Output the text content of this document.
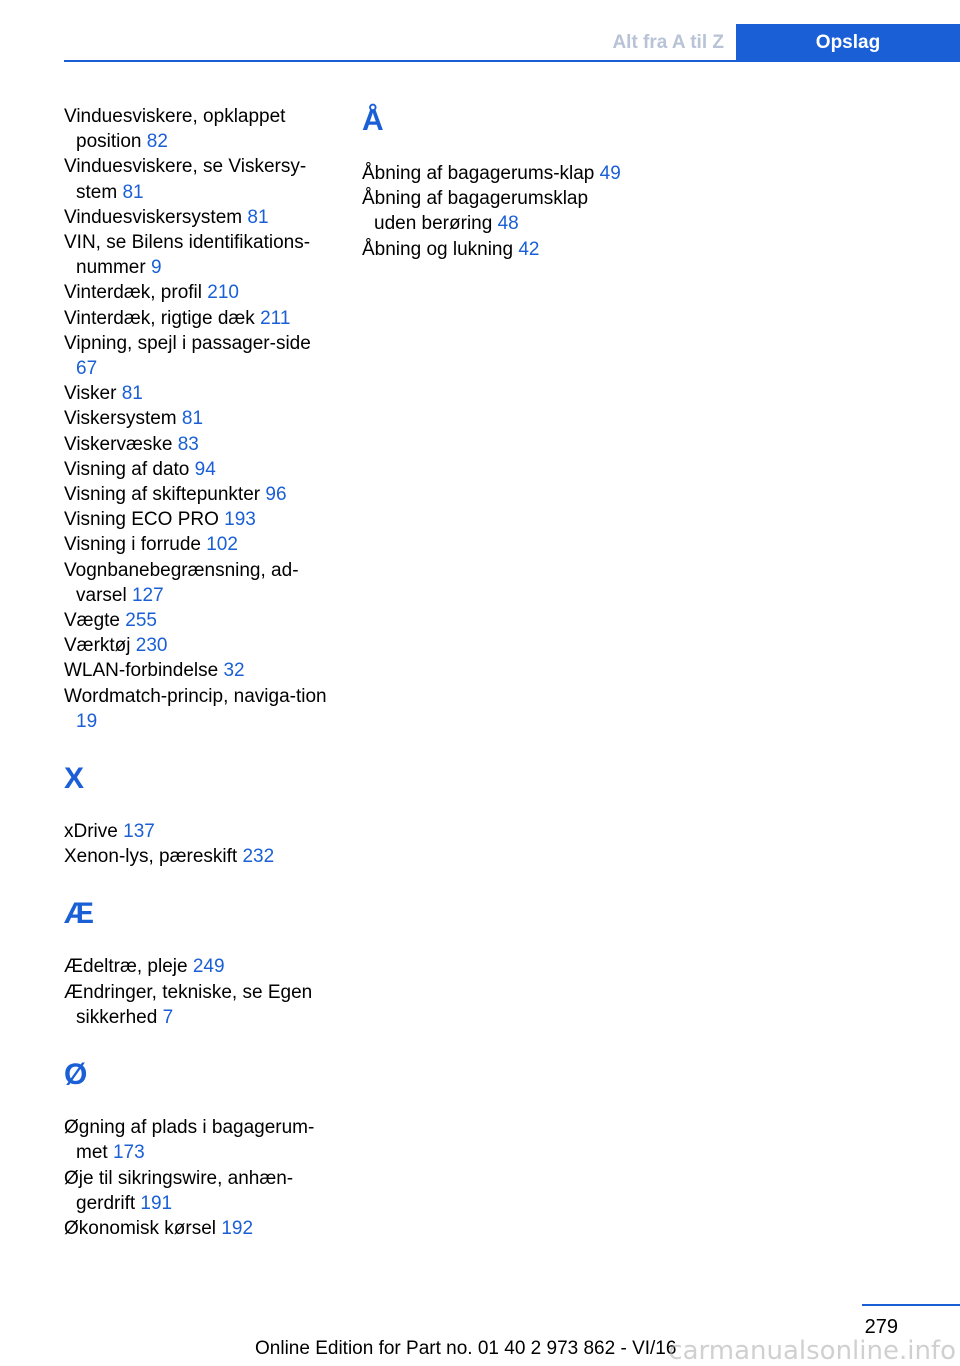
Alt fra A til Z	Opslag

Vinduesviskere, opklappet position 82

Vinduesviskere, se Viskersy-stem 81

Vinduesviskersystem 81

VIN, se Bilens identifikations-nummer 9

Vinterdæk, profil 210

Vinterdæk, rigtige dæk 211

Vipning, spejl i passager-side 67

Visker 81

Viskersystem 81

Viskervæske 83

Visning af dato 94

Visning af skiftepunkter 96

Visning ECO PRO 193

Visning i forrude 102

Vognbanebegrænsning, ad-varsel 127

Vægte 255

Værktøj 230

WLAN-forbindelse 32

Wordmatch-princip, naviga-tion 19

X

xDrive 137

Xenon-lys, pæreskift 232

Æ

Ædeltræ, pleje 249

Ændringer, tekniske, se Egen sikkerhed 7

Ø

Øgning af plads i bagagerum-met 173

Øje til sikringswire, anhæn-gerdrift 191

Økonomisk kørsel 192

Å

Åbning af bagagerums-klap 49

Åbning af bagagerumsklap uden berøring 48

Åbning og lukning 42

279
Online Edition for Part no. 01 40 2 973 862 - VI/16
carmanualsonline.info
